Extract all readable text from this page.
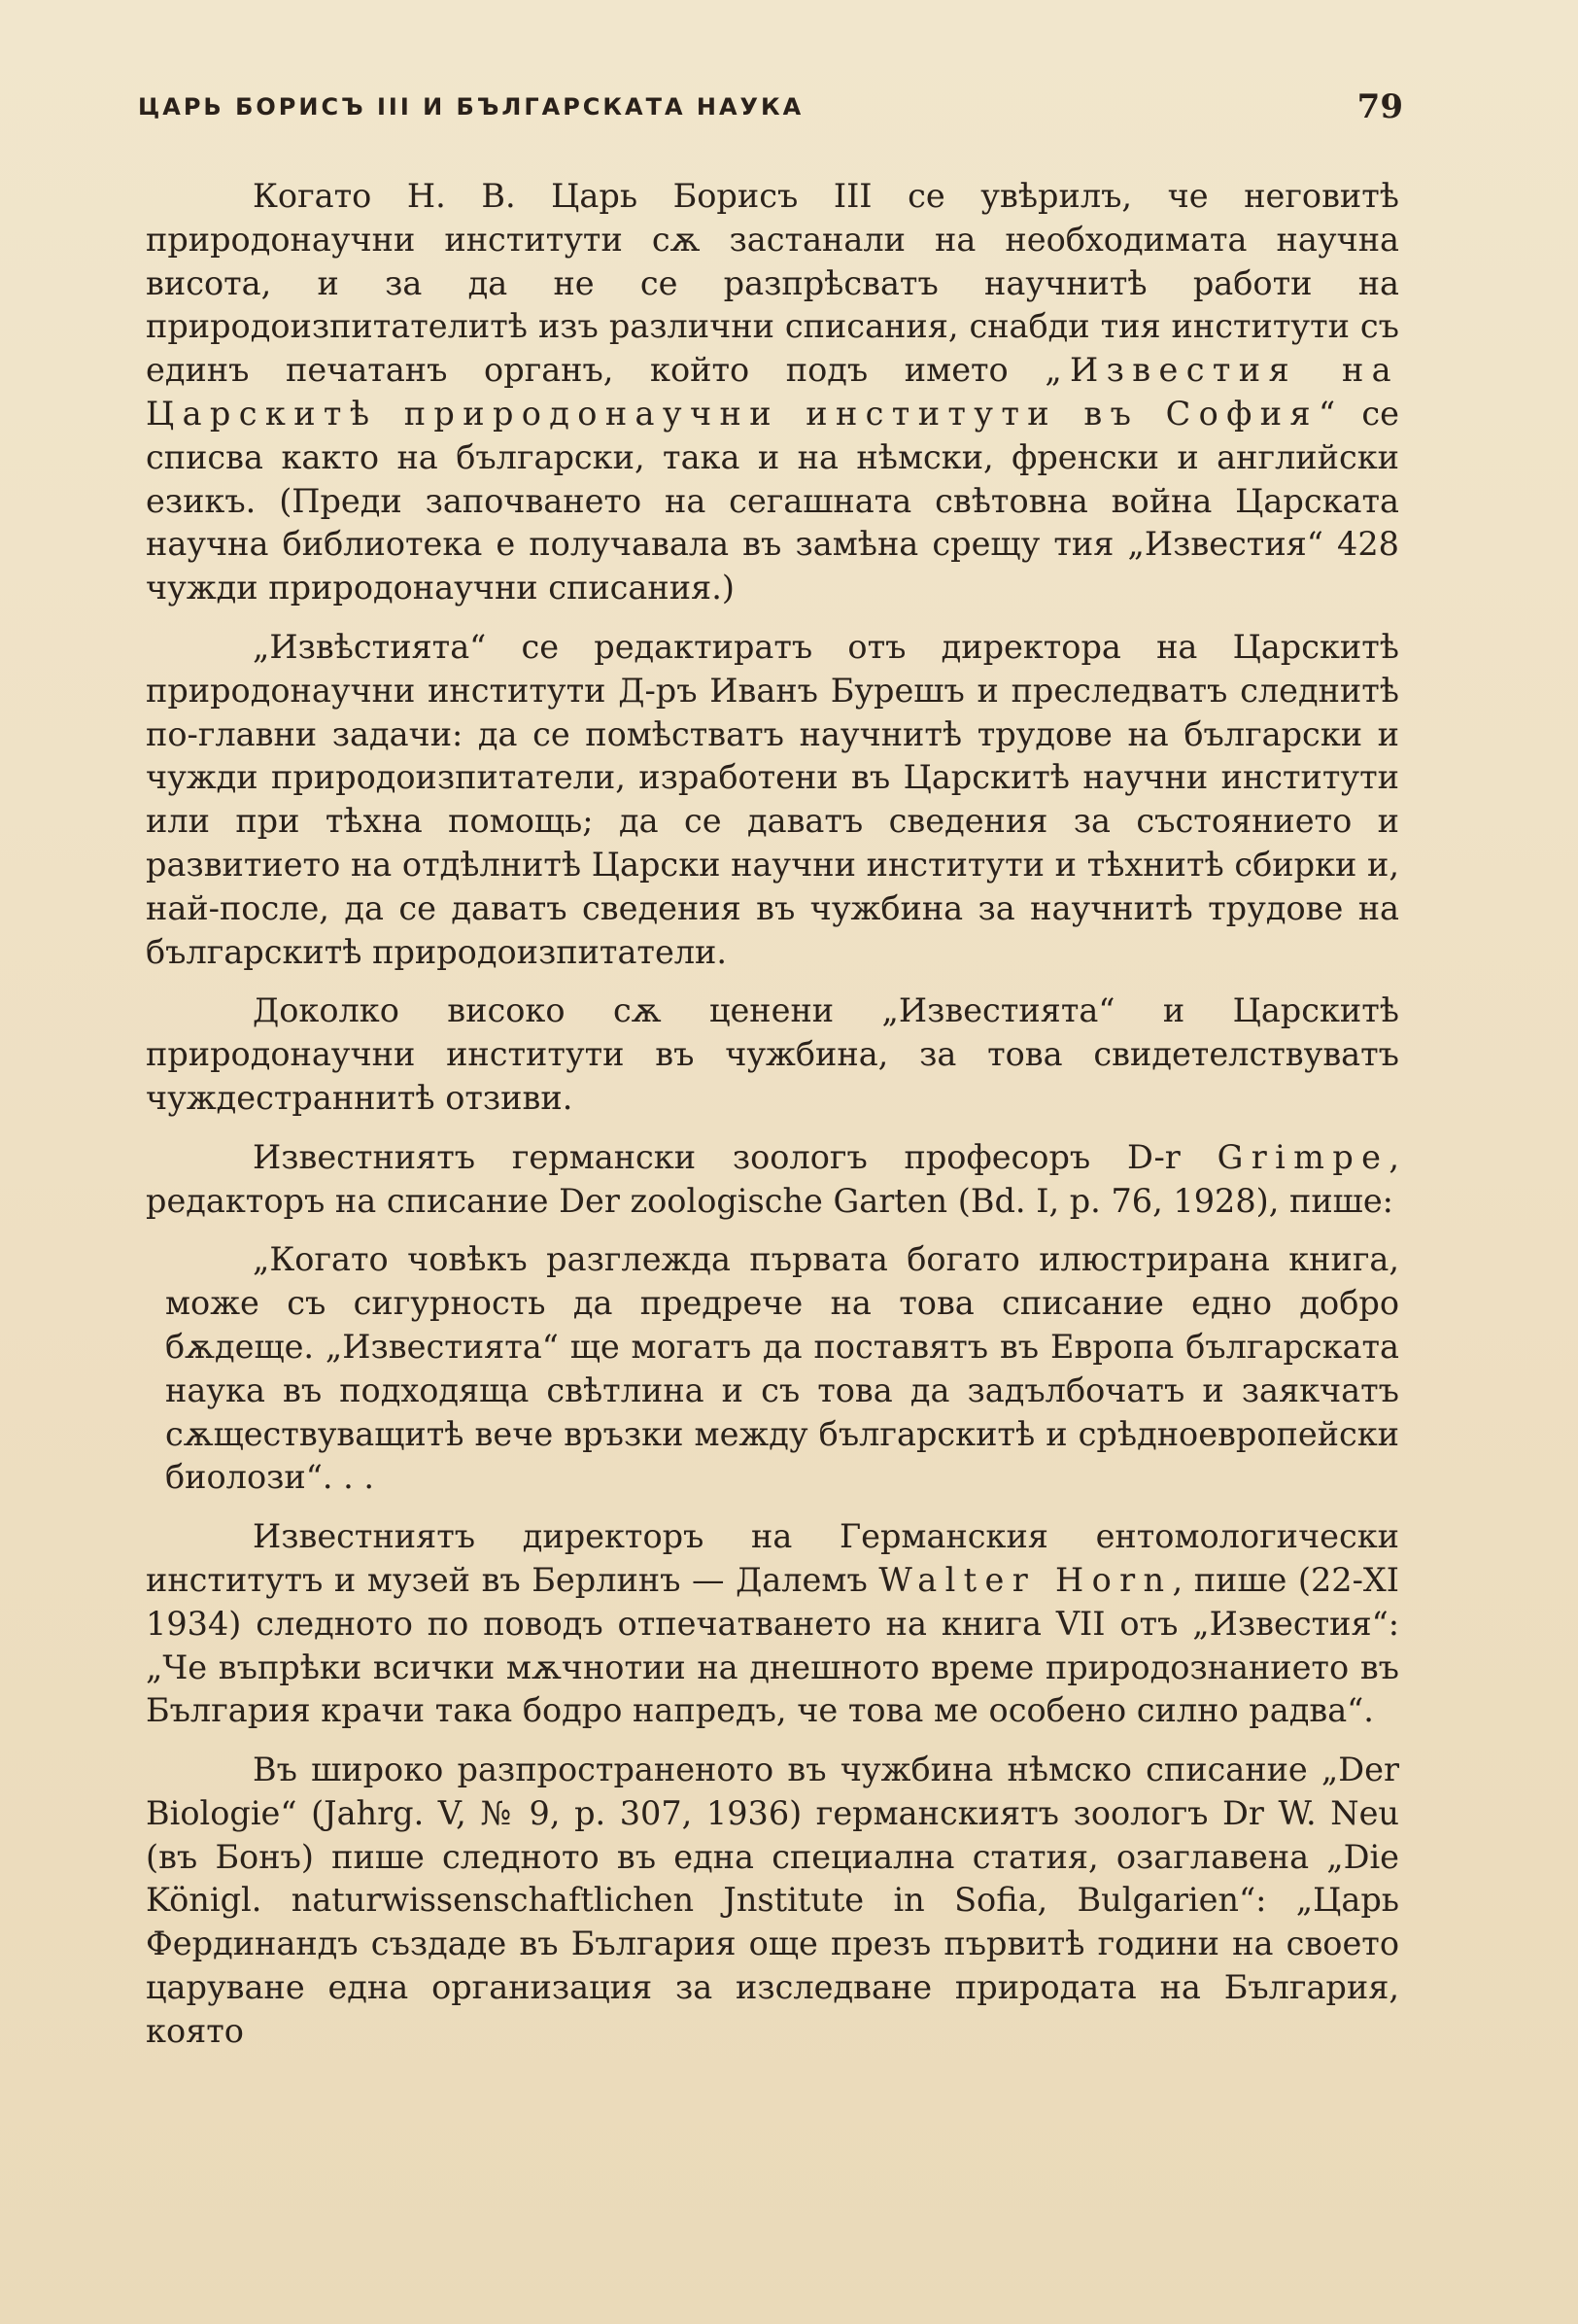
ЦАРЬ БОРИСЪ III И БЪЛГАРСКАТА НАУКА	79

Когато Н. В. Царь Борисъ III се увѣрилъ, че неговитѣ природонаучни институти сѫ застанали на необходимата научна висота, и за да не се разпрѣсватъ научнитѣ работи на природоизпитателитѣ изъ различни списания, снабди тия институти съ единъ печатанъ органъ, който подъ името „Известия на Царскитѣ природонаучни институти въ София“ се списва както на български, така и на нѣмски, френски и английски езикъ. (Преди започването на сегашната свѣтовна война Царската научна библиотека е получавала въ замѣна срещу тия „Известия“ 428 чужди природонаучни списания.)

„Извѣстията“ се редактиратъ отъ директора на Царскитѣ природонаучни институти Д-ръ Иванъ Бурешъ и преследватъ следнитѣ по-главни задачи: да се помѣстватъ научнитѣ трудове на български и чужди природоизпитатели, изработени въ Царскитѣ научни институти или при тѣхна помощь; да се даватъ сведения за състоянието и развитието на отдѣлнитѣ Царски научни институти и тѣхнитѣ сбирки и, най-после, да се даватъ сведения въ чужбина за научнитѣ трудове на българскитѣ природоизпитатели.

Доколко високо сѫ ценени „Известията“ и Царскитѣ природонаучни институти въ чужбина, за това свидетелствуватъ чуждестраннитѣ отзиви.

Известниятъ германски зоологъ професоръ D-r Grimpe, редакторъ на списание Der zoologische Garten (Bd. I, p. 76, 1928), пише:

„Когато човѣкъ разглежда първата богато илюстрирана книга, може съ сигурность да предрече на това списание едно добро бѫдеще. „Известията“ ще могатъ да поставятъ въ Европа българската наука въ подходяща свѣтлина и съ това да задълбочатъ и заякчатъ сѫществуващитѣ вече връзки между българскитѣ и срѣдноевропейски биолози“. . .

Известниятъ директоръ на Германския ентомологически институтъ и музей въ Берлинъ — Далемъ Walter Horn, пише (22-XI 1934) следното по поводъ отпечатването на книга VII отъ „Известия“: „Че въпрѣки всички мѫчнотии на днешното време природознанието въ България крачи така бодро напредъ, че това ме особено силно радва“.

Въ широко разпространеното въ чужбина нѣмско списание „Der Biologie“ (Jahrg. V, № 9, p. 307, 1936) германскиятъ зоологъ Dr W. Neu (въ Бонъ) пише следното въ една специална статия, озаглавена „Die Königl. naturwissenschaftlichen Jnstitute in Sofia, Bulgarien“: „Царь Фердинандъ създаде въ България още презъ първитѣ години на своето царуване една организация за изследване природата на България, която
